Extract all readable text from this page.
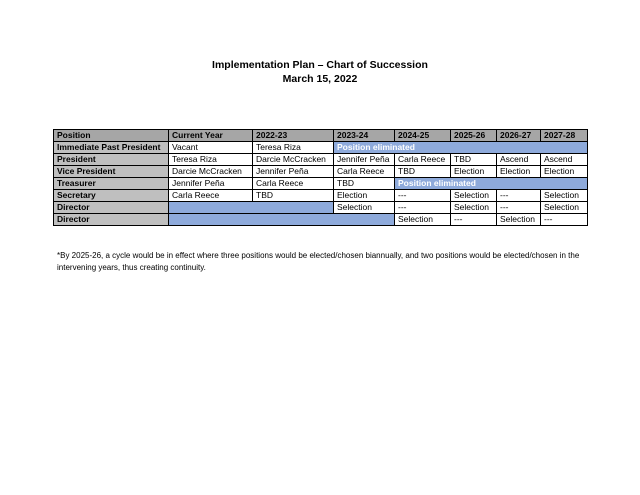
Implementation Plan – Chart of Succession
March 15, 2022
Position	Current Year	2022-23	2023-24	2024-25	2025-26	2026-27	2027-28
Immediate Past President	Vacant	Teresa Riza	Position eliminated				
President	Teresa Riza	Darcie McCracken	Jennifer Peña	Carla Reece	TBD	Ascend	Ascend
Vice President	Darcie McCracken	Jennifer Peña	Carla Reece	TBD	Election	Election	Election
Treasurer	Jennifer Peña	Carla Reece	TBD	Position eliminated			
Secretary	Carla Reece	TBD	Election	---	Selection	---	Selection
Director			Selection	---	Selection	---	Selection
Director				Selection	---	Selection	---
*By 2025-26, a cycle would be in effect where three positions would be elected/chosen biannually, and two positions would be elected/chosen in the intervening years, thus creating continuity.
